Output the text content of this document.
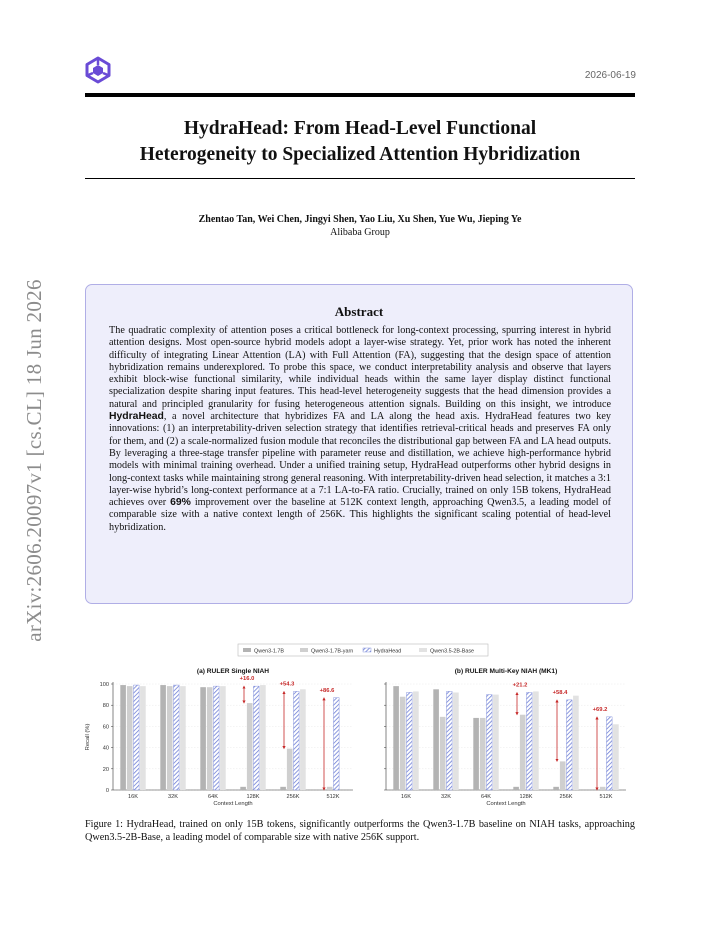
arXiv:2606.20097v1 [cs.CL] 18 Jun 2026
2026-06-19
HydraHead: From Head-Level Functional
Heterogeneity to Specialized Attention Hybridization
Zhentao Tan, Wei Chen, Jingyi Shen, Yao Liu, Xu Shen, Yue Wu, Jieping Ye
Alibaba Group
Abstract
The quadratic complexity of attention poses a critical bottleneck for long-context processing, spurring interest in hybrid attention designs. Most open-source hybrid models adopt a layer-wise strategy. Yet, prior work has noted the inherent difficulty of integrating Linear Attention (LA) with Full Attention (FA), suggesting that the design space of attention hybridization remains underexplored. To probe this space, we conduct interpretability analysis and observe that layers exhibit block-wise functional similarity, while individual heads within the same layer display distinct functional specialization despite sharing input features. This head-level heterogeneity suggests that the head dimension provides a natural and principled granularity for fusing heterogeneous attention signals. Building on this insight, we introduce HydraHead, a novel architecture that hybridizes FA and LA along the head axis. HydraHead features two key innovations: (1) an interpretability-driven selection strategy that identifies retrieval-critical heads and preserves FA only for them, and (2) a scale-normalized fusion module that reconciles the distributional gap between FA and LA head outputs. By leveraging a three-stage transfer pipeline with parameter reuse and distillation, we achieve high-performance hybrid models with minimal training overhead. Under a unified training setup, HydraHead outperforms other hybrid designs in long-context tasks while maintaining strong general reasoning. With interpretability-driven head selection, it matches a 3:1 layer-wise hybrid’s long-context performance at a 7:1 LA-to-FA ratio. Crucially, trained on only 15B tokens, HydraHead achieves over 69% improvement over the baseline at 512K context length, approaching Qwen3.5, a leading model of comparable size with a native context length of 256K. This highlights the significant scaling potential of head-level hybridization.
Qwen3-1.7B	Qwen3-1.7B-yarn	HydraHead	Qwen3.5-2B-Base
(a) RULER Single NIAH
0
20
40
60
80
100
Recall (%)
16K	32K	64K	128K	256K	512K
Context Length
+16.0
+54.3
+86.6
(b) RULER Multi-Key NIAH (MK1)
16K	32K	64K	128K	256K	512K
Context Length
+21.2
+58.4
+69.2
Figure 1: HydraHead, trained on only 15B tokens, significantly outperforms the Qwen3-1.7B baseline on NIAH tasks, approaching Qwen3.5-2B-Base, a leading model of comparable size with native 256K support.
